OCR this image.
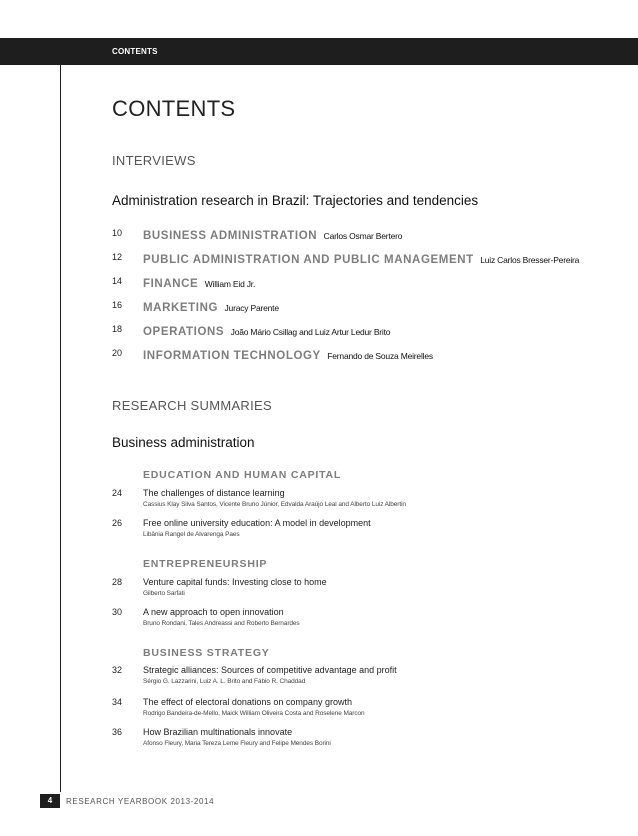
CONTENTS
CONTENTS
INTERVIEWS
Administration research in Brazil: Trajectories and tendencies
10 BUSINESS ADMINISTRATION Carlos Osmar Bertero
12 PUBLIC ADMINISTRATION AND PUBLIC MANAGEMENT Luiz Carlos Bresser-Pereira
14 FINANCE William Eid Jr.
16 MARKETING Juracy Parente
18 OPERATIONS João Mário Csillag and Luiz Artur Ledur Brito
20 INFORMATION TECHNOLOGY Fernando de Souza Meirelles
RESEARCH SUMMARIES
Business administration
EDUCATION AND HUMAN CAPITAL
24 The challenges of distance learning
Cassius Klay Silva Santos, Vicente Bruno Júnior, Edvalda Araújo Leal and Alberto Luiz Albertin
26 Free online university education: A model in development
Libânia Rangel de Alvarenga Paes
ENTREPRENEURSHIP
28 Venture capital funds: Investing close to home
Gilberto Sarfati
30 A new approach to open innovation
Bruno Rondani, Tales Andreassi and Roberto Bernardes
BUSINESS STRATEGY
32 Strategic alliances: Sources of competitive advantage and profit
Sérgio G. Lazzarini, Luiz A. L. Brito and Fábio R. Chaddad
34 The effect of electoral donations on company growth
Rodrigo Bandeira-de-Mello, Maick William Oliveira Costa and Roselene Marcon
36 How Brazilian multinationals innovate
Afonso Fleury, Maria Tereza Leme Fleury and Felipe Mendes Borini
4	RESEARCH YEARBOOK 2013-2014
